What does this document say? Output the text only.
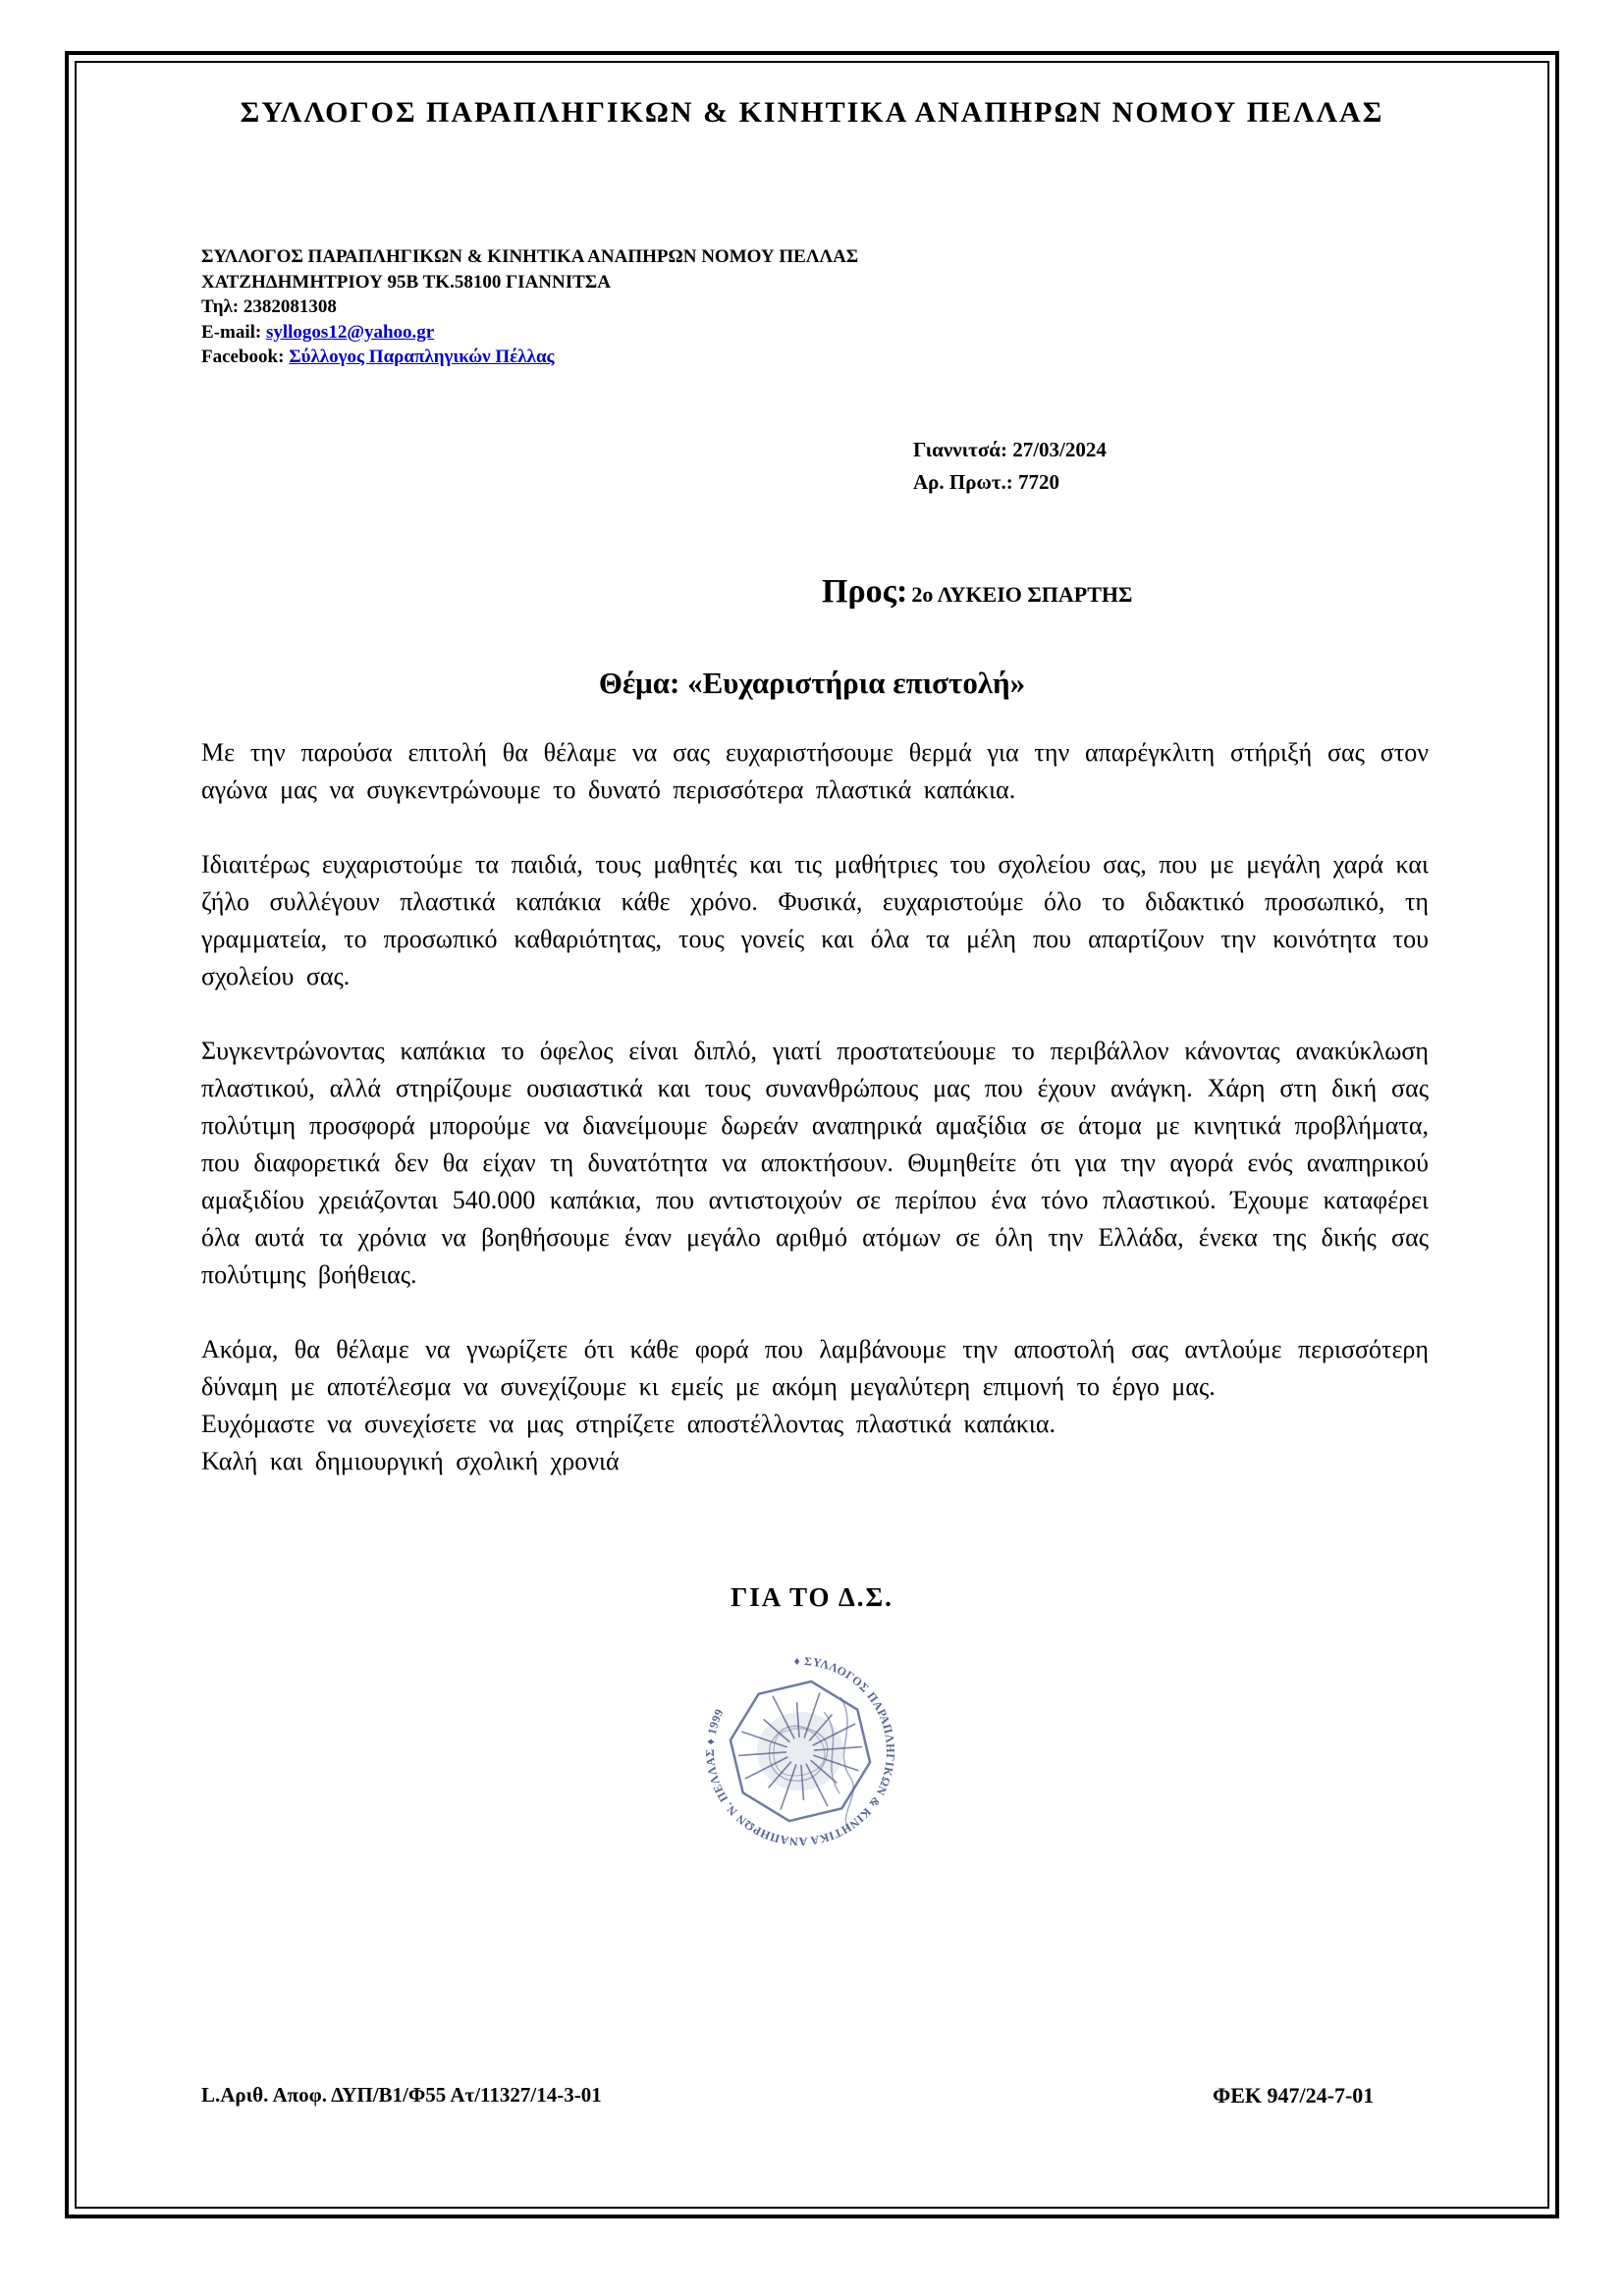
ΣΥΛΛΟΓΟΣ ΠΑΡΑΠΛΗΓΙΚΩΝ & ΚΙΝΗΤΙΚΑ ΑΝΑΠΗΡΩΝ ΝΟΜΟΥ ΠΕΛΛΑΣ
ΣΥΛΛΟΓΟΣ ΠΑΡΑΠΛΗΓΙΚΩΝ & ΚΙΝΗΤΙΚΑ ΑΝΑΠΗΡΩΝ ΝΟΜΟΥ ΠΕΛΛΑΣ
ΧΑΤΖΗΔΗΜΗΤΡΙΟΥ 95Β ΤΚ.58100 ΓΙΑΝΝΙΤΣΑ
Τηλ: 2382081308
E-mail: syllogos12@yahoo.gr
Facebook: Σύλλογος Παραπληγικών Πέλλας
Γιαννιτσά: 27/03/2024
Αρ. Πρωτ.: 7720
Προς: 2ο ΛΥΚΕΙΟ ΣΠΑΡΤΗΣ
Θέμα: «Ευχαριστήρια επιστολή»

Με την παρούσα επιτολή θα θέλαμε να σας ευχαριστήσουμε θερμά για την απαρέγκλιτη στήριξή σας στον αγώνα μας να συγκεντρώνουμε το δυνατό περισσότερα πλαστικά καπάκια.

Ιδιαιτέρως ευχαριστούμε τα παιδιά, τους μαθητές και τις μαθήτριες του σχολείου σας, που με μεγάλη χαρά και ζήλο συλλέγουν πλαστικά καπάκια κάθε χρόνο. Φυσικά, ευχαριστούμε όλο το διδακτικό προσωπικό, τη γραμματεία, το προσωπικό καθαριότητας, τους γονείς και όλα τα μέλη που απαρτίζουν την κοινότητα του σχολείου σας.

Συγκεντρώνοντας καπάκια το όφελος είναι διπλό, γιατί προστατεύουμε το περιβάλλον κάνοντας ανακύκλωση πλαστικού, αλλά στηρίζουμε ουσιαστικά και τους συνανθρώπους μας που έχουν ανάγκη. Χάρη στη δική σας πολύτιμη προσφορά μπορούμε να διανείμουμε δωρεάν αναπηρικά αμαξίδια σε άτομα με κινητικά προβλήματα, που διαφορετικά δεν θα είχαν τη δυνατότητα να αποκτήσουν. Θυμηθείτε ότι για την αγορά ενός αναπηρικού αμαξιδίου χρειάζονται 540.000 καπάκια, που αντιστοιχούν σε περίπου ένα τόνο πλαστικού. Έχουμε καταφέρει όλα αυτά τα χρόνια να βοηθήσουμε έναν μεγάλο αριθμό ατόμων σε όλη την Ελλάδα, ένεκα της δικής σας πολύτιμης βοήθειας.

Ακόμα, θα θέλαμε να γνωρίζετε ότι κάθε φορά που λαμβάνουμε την αποστολή σας αντλούμε περισσότερη δύναμη με αποτέλεσμα να συνεχίζουμε κι εμείς με ακόμη μεγαλύτερη επιμονή το έργο μας.

Ευχόμαστε να συνεχίσετε να μας στηρίζετε αποστέλλοντας πλαστικά καπάκια.
Καλή και δημιουργική σχολική χρονιά
ΓΙΑ ΤΟ Δ.Σ.
♦ ΣΥΛΛΟΓΟΣ ΠΑΡΑΠΛΗΓΙΚΩΝ & ΚΙΝΗΤΙΚΑ ΑΝΑΠΗΡΩΝ Ν. ΠΕΛΛΑΣ ♦ 1999
L.Αριθ. Αποφ. ΔΥΠ/Β1/Φ55 Ατ/11327/14-3-01	ΦΕΚ 947/24-7-01
